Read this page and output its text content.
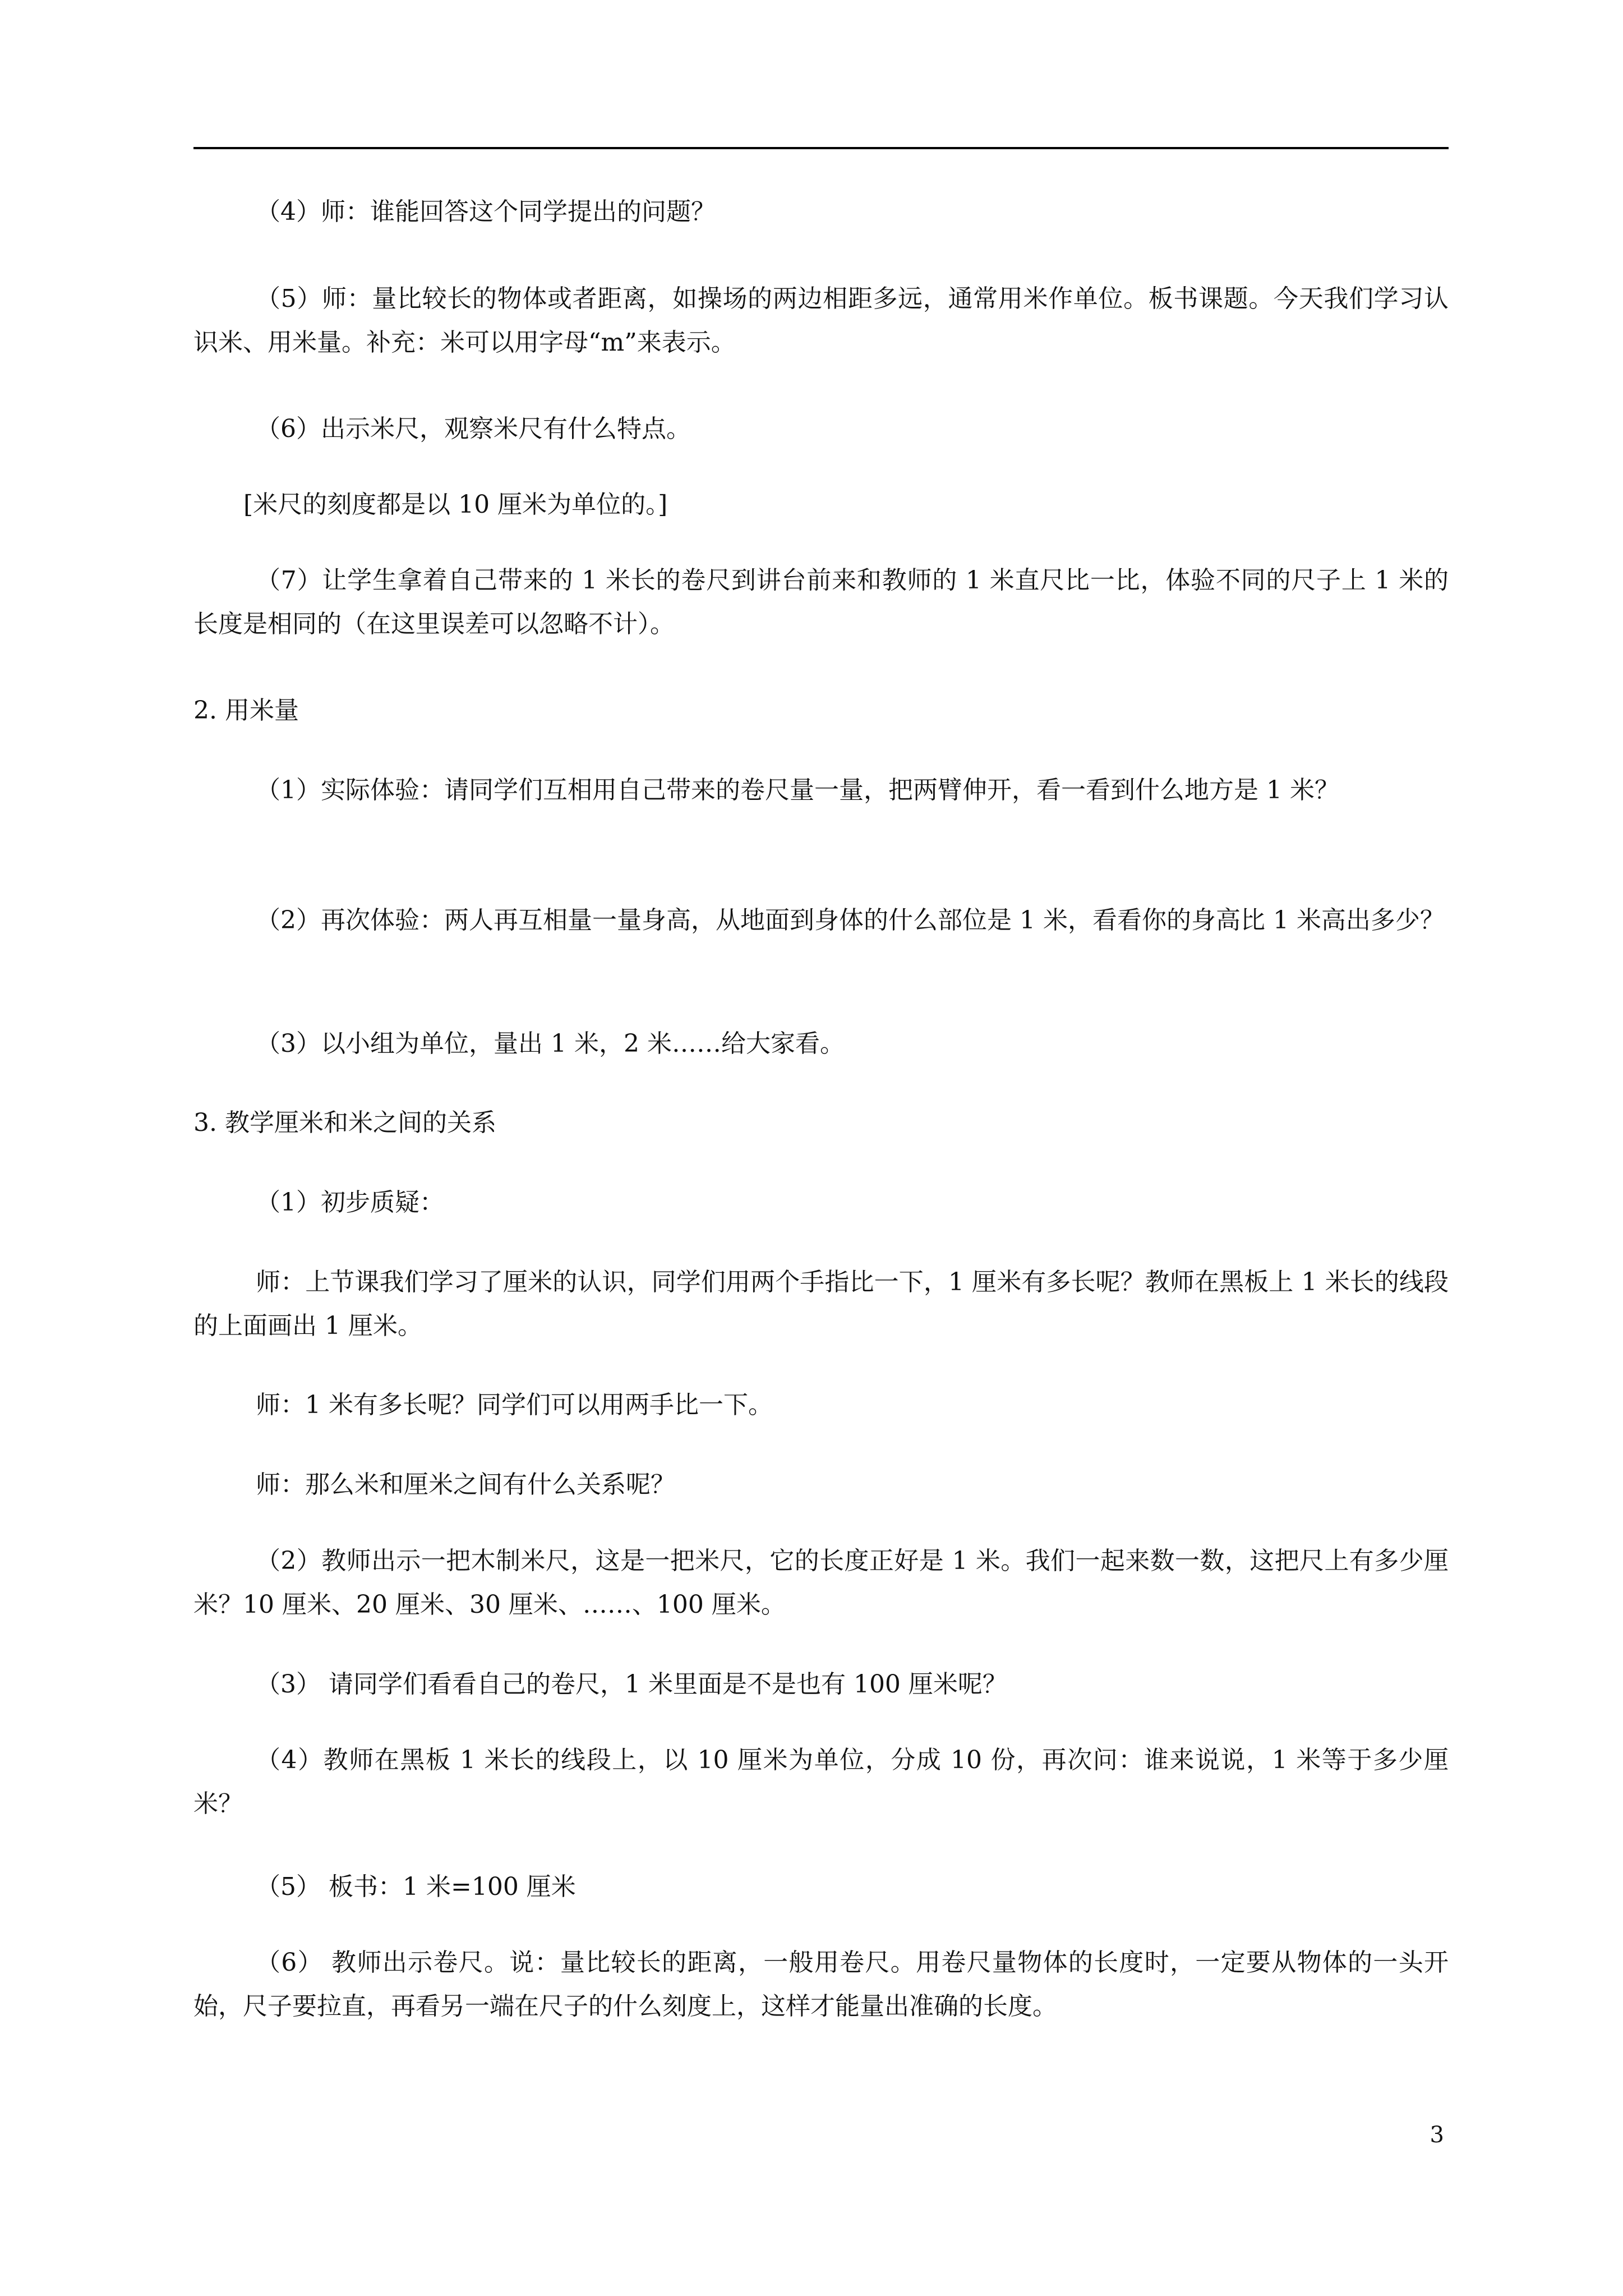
（4）师：谁能回答这个同学提出的问题？

（5）师：量比较长的物体或者距离，如操场的两边相距多远，通常用米作单位。板书课题。今天我们学习认识米、用米量。补充：米可以用字母“m”来表示。

（6）出示米尺，观察米尺有什么特点。

[米尺的刻度都是以 10 厘米为单位的。]

（7）让学生拿着自己带来的 1 米长的卷尺到讲台前来和教师的 1 米直尺比一比，体验不同的尺子上 1 米的长度是相同的（在这里误差可以忽略不计）。

2. 用米量

（1）实际体验：请同学们互相用自己带来的卷尺量一量，把两臂伸开，看一看到什么地方是 1 米？

（2）再次体验：两人再互相量一量身高，从地面到身体的什么部位是 1 米，看看你的身高比 1 米高出多少？

（3）以小组为单位，量出 1 米，2 米……给大家看。

3. 教学厘米和米之间的关系

（1）初步质疑：

师：上节课我们学习了厘米的认识，同学们用两个手指比一下，1 厘米有多长呢？教师在黑板上 1 米长的线段的上面画出 1 厘米。

师：1 米有多长呢？同学们可以用两手比一下。

师：那么米和厘米之间有什么关系呢？

（2）教师出示一把木制米尺，这是一把米尺，它的长度正好是 1 米。我们一起来数一数，这把尺上有多少厘米？10 厘米、20 厘米、30 厘米、……、100 厘米。

（3） 请同学们看看自己的卷尺，1 米里面是不是也有 100 厘米呢？

（4）教师在黑板 1 米长的线段上，以 10 厘米为单位，分成 10 份，再次问：谁来说说，1 米等于多少厘米？

（5） 板书：1 米=100 厘米

（6） 教师出示卷尺。说：量比较长的距离，一般用卷尺。用卷尺量物体的长度时，一定要从物体的一头开始，尺子要拉直，再看另一端在尺子的什么刻度上，这样才能量出准确的长度。

3
